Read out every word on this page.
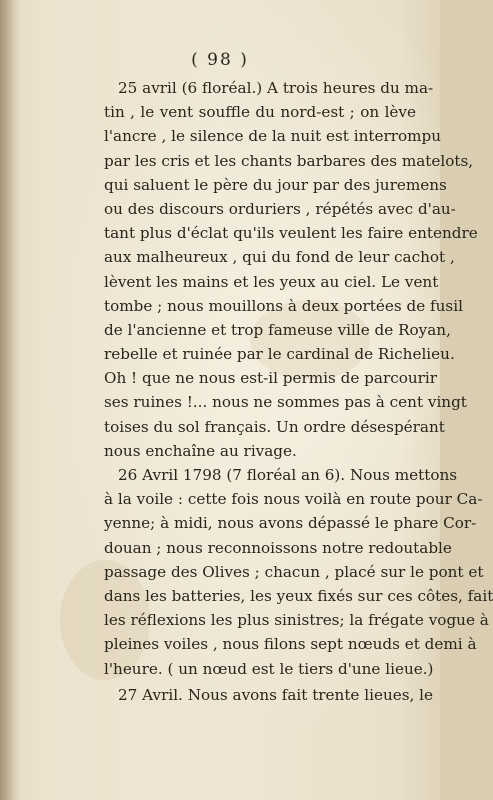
( 98 )
25 avril (6 floréal.) A trois heures du ma-
tin , le vent souffle du nord-est ; on lève
l'ancre , le silence de la nuit est interrompu
par les cris et les chants barbares des matelots,
qui saluent le père du jour par des juremens
ou des discours orduriers , répétés avec d'au-
tant plus d'éclat qu'ils veulent les faire entendre
aux malheureux , qui du fond de leur cachot ,
lèvent les mains et les yeux au ciel. Le vent
tombe ; nous mouillons à deux portées de fusil
de l'ancienne et trop fameuse ville de Royan,
rebelle et ruinée par le cardinal de Richelieu.
Oh ! que ne nous est-il permis de parcourir
ses ruines !... nous ne sommes pas à cent vingt
toises du sol français. Un ordre désespérant
nous enchaîne au rivage.
26 Avril 1798 (7 floréal an 6). Nous mettons
à la voile : cette fois nous voilà en route pour Ca-
yenne; à midi, nous avons dépassé le phare Cor-
douan ; nous reconnoissons notre redoutable
passage des Olives ; chacun , placé sur le pont et
dans les batteries, les yeux fixés sur ces côtes, fait
les réflexions les plus sinistres; la frégate vogue à
pleines voiles , nous filons sept nœuds et demi à
l'heure. ( un nœud est le tiers d'une lieue.)
27 Avril. Nous avons fait trente lieues, le
